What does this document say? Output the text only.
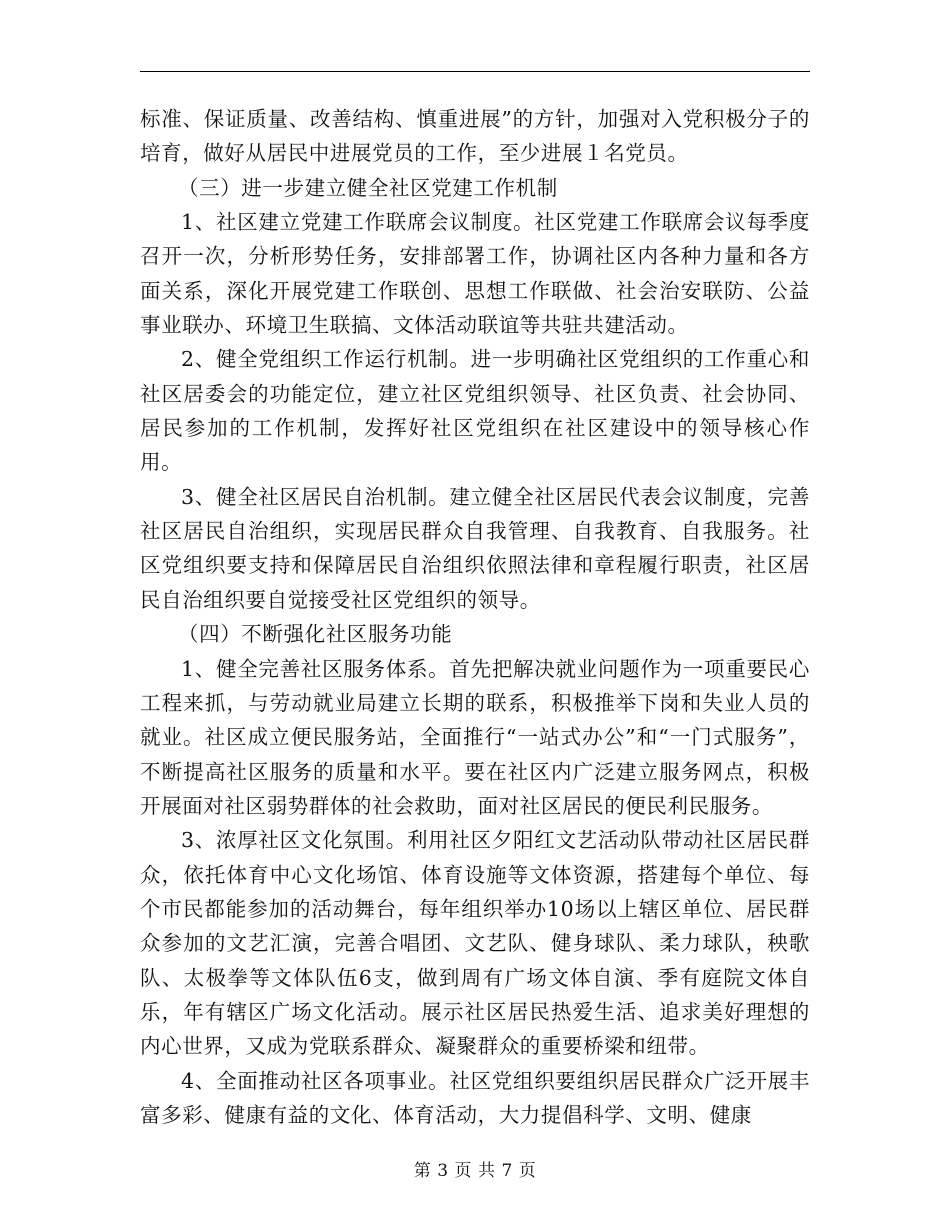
标准、保证质量、改善结构、慎重进展”的方针，加强对入党积极分子的培育，做好从居民中进展党员的工作，至少进展１名党员。

（三）进一步建立健全社区党建工作机制

1、社区建立党建工作联席会议制度。社区党建工作联席会议每季度召开一次，分析形势任务，安排部署工作，协调社区内各种力量和各方面关系，深化开展党建工作联创、思想工作联做、社会治安联防、公益事业联办、环境卫生联搞、文体活动联谊等共驻共建活动。

2、健全党组织工作运行机制。进一步明确社区党组织的工作重心和社区居委会的功能定位，建立社区党组织领导、社区负责、社会协同、居民参加的工作机制，发挥好社区党组织在社区建设中的领导核心作用。

3、健全社区居民自治机制。建立健全社区居民代表会议制度，完善社区居民自治组织，实现居民群众自我管理、自我教育、自我服务。社区党组织要支持和保障居民自治组织依照法律和章程履行职责，社区居民自治组织要自觉接受社区党组织的领导。

（四）不断强化社区服务功能

1、健全完善社区服务体系。首先把解决就业问题作为一项重要民心工程来抓，与劳动就业局建立长期的联系，积极推举下岗和失业人员的就业。社区成立便民服务站，全面推行“一站式办公”和“一门式服务”，不断提高社区服务的质量和水平。要在社区内广泛建立服务网点，积极开展面对社区弱势群体的社会救助，面对社区居民的便民利民服务。

3、浓厚社区文化氛围。利用社区夕阳红文艺活动队带动社区居民群众，依托体育中心文化场馆、体育设施等文体资源，搭建每个单位、每个市民都能参加的活动舞台，每年组织举办10场以上辖区单位、居民群众参加的文艺汇演，完善合唱团、文艺队、健身球队、柔力球队，秧歌队、太极拳等文体队伍6支，做到周有广场文体自演、季有庭院文体自乐，年有辖区广场文化活动。展示社区居民热爱生活、追求美好理想的内心世界，又成为党联系群众、凝聚群众的重要桥梁和纽带。

4、全面推动社区各项事业。社区党组织要组织居民群众广泛开展丰富多彩、健康有益的文化、体育活动，大力提倡科学、文明、健康

第 3 页 共 7 页
